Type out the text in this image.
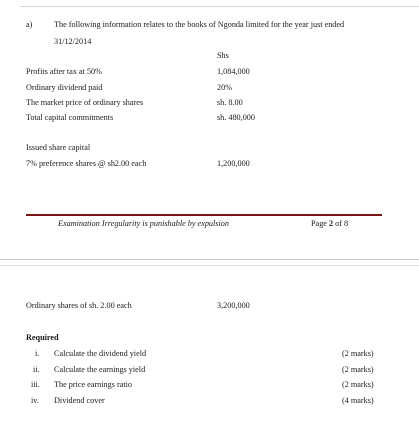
a)	The following information relates to the books of Ngonda limited for the year just ended
31/12/2014
Shs
Profits after tax at 50%	1,084,000
Ordinary dividend paid	20%
The market price of ordinary shares	sh. 8.00
Total capital commitments	sh. 480,000
Issued share capital
7% preference shares @ sh2.00 each	1,200,000
Examination Irregularity is punishable by expulsion	Page 2 of 8
Ordinary shares of sh. 2.00 each	3,200,000
Required
i. Calculate the dividend yield	(2 marks)
ii. Calculate the earnings yield	(2 marks)
iii. The price earnings ratio	(2 marks)
iv. Dividend cover	(4 marks)
